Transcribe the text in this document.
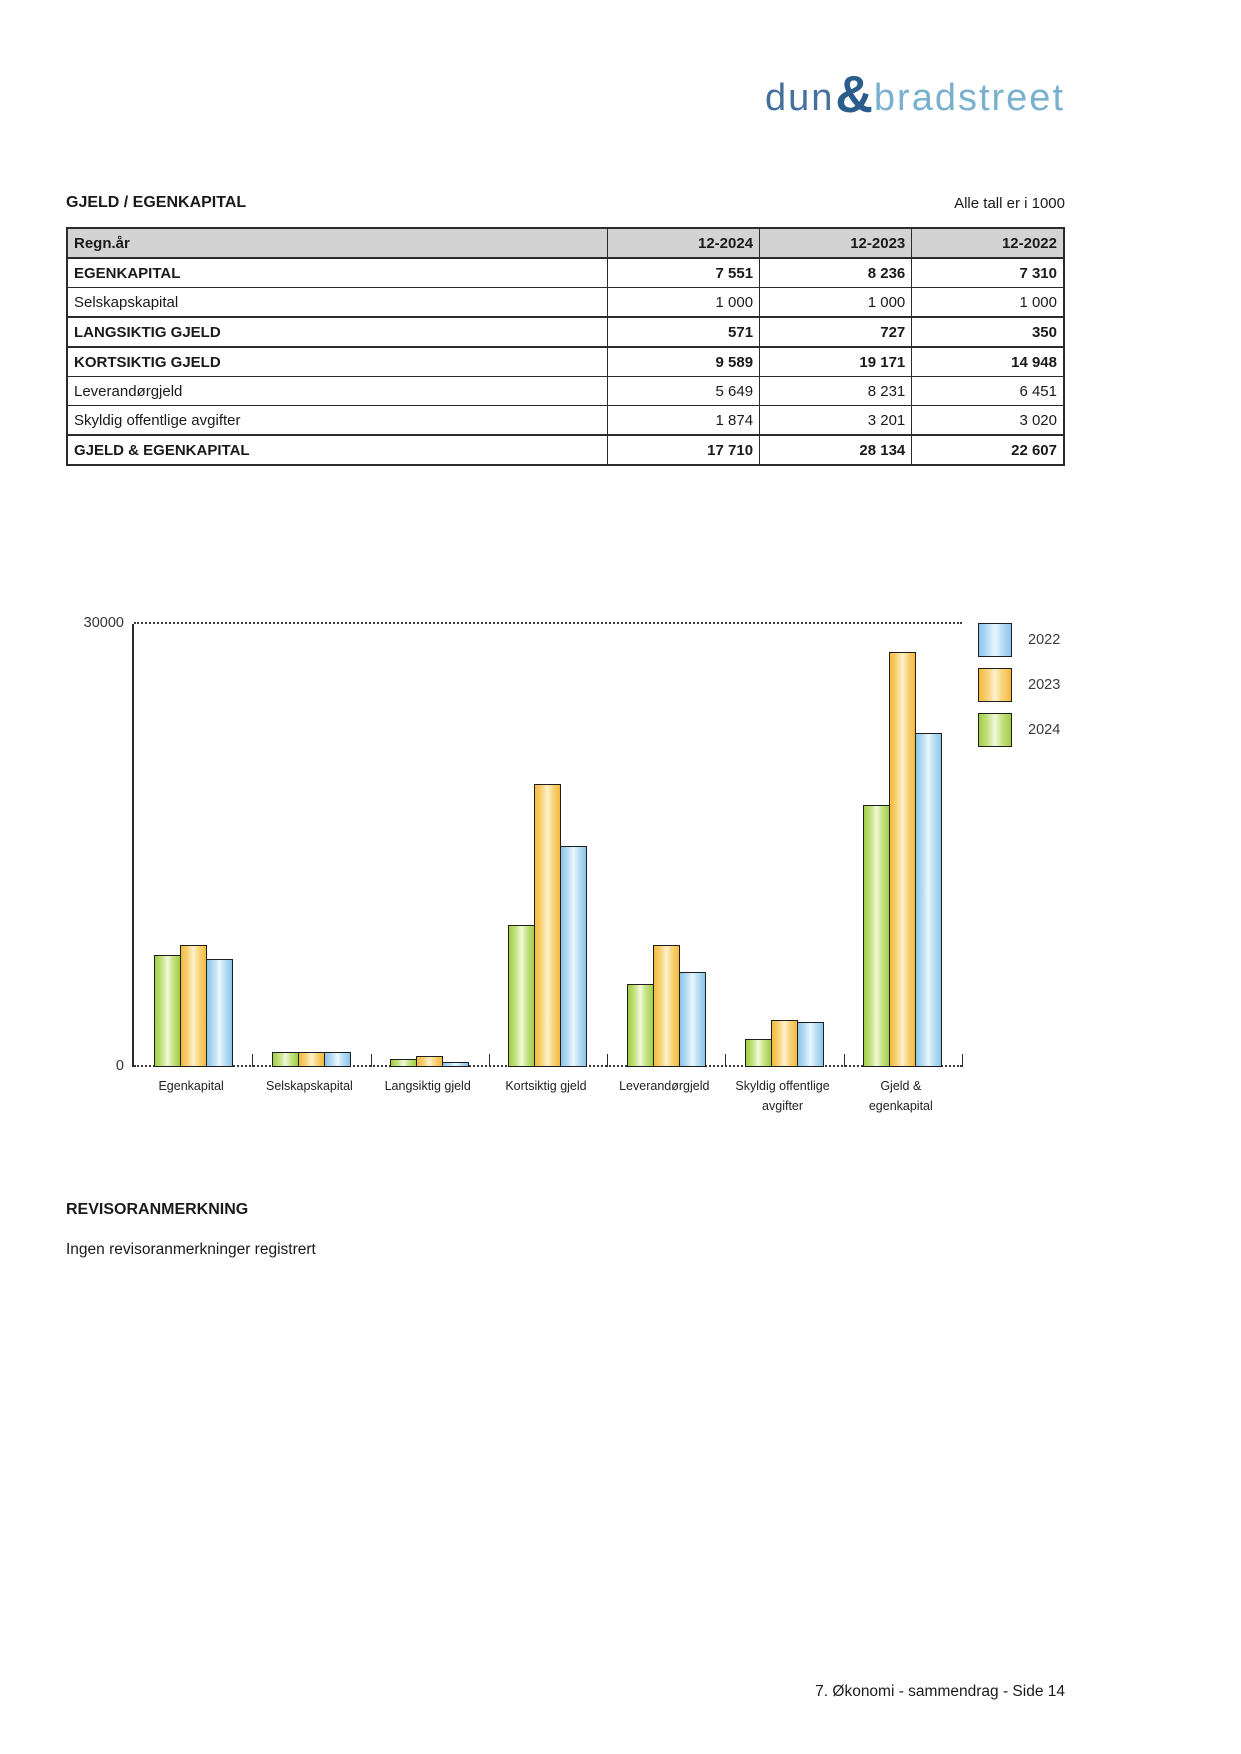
dun & bradstreet
GJELD / EGENKAPITAL	Alle tall er i 1000
Regn.år	12-2024	12-2023	12-2022
EGENKAPITAL	7 551	8 236	7 310
Selskapskapital	1 000	1 000	1 000
LANGSIKTIG GJELD	571	727	350
KORTSIKTIG GJELD	9 589	19 171	14 948
Leverandørgjeld	5 649	8 231	6 451
Skyldig offentlige avgifter	1 874	3 201	3 020
GJELD & EGENKAPITAL	17 710	28 134	22 607
30000
0
Egenkapital	Selskapskapital	Langsiktig gjeld	Kortsiktig gjeld	Leverandørgjeld	Skyldig offentlige
avgifter
Gjeld &
egenkapital
2022
2023
2024
REVISORANMERKNING
Ingen revisoranmerkninger registrert
7. Økonomi - sammendrag - Side 14
